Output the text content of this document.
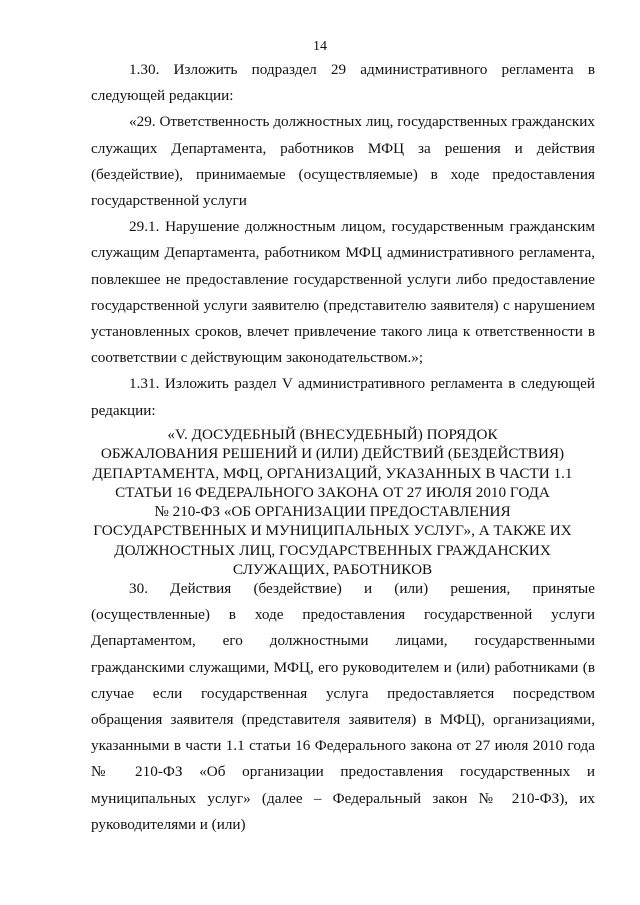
14

1.30. Изложить подраздел 29 административного регламента в следующей редакции:

«29. Ответственность должностных лиц, государственных гражданских служащих Департамента, работников МФЦ за решения и действия (бездействие), принимаемые (осуществляемые) в ходе предоставления государственной услуги

29.1. Нарушение должностным лицом, государственным гражданским служащим Департамента, работником МФЦ административного регламента, повлекшее не предоставление государственной услуги либо предоставление государственной услуги заявителю (представителю заявителя) с нарушением установленных сроков, влечет привлечение такого лица к ответственности в соответствии с действующим законодательством.»;

1.31. Изложить раздел V административного регламента в следующей редакции:

«V. ДОСУДЕБНЫЙ (ВНЕСУДЕБНЫЙ) ПОРЯДОК
ОБЖАЛОВАНИЯ РЕШЕНИЙ И (ИЛИ) ДЕЙСТВИЙ (БЕЗДЕЙСТВИЯ)
ДЕПАРТАМЕНТА, МФЦ, ОРГАНИЗАЦИЙ, УКАЗАННЫХ В ЧАСТИ 1.1
СТАТЬИ 16 ФЕДЕРАЛЬНОГО ЗАКОНА ОТ 27 ИЮЛЯ 2010 ГОДА
№ 210-ФЗ «ОБ ОРГАНИЗАЦИИ ПРЕДОСТАВЛЕНИЯ
ГОСУДАРСТВЕННЫХ И МУНИЦИПАЛЬНЫХ УСЛУГ», А ТАКЖЕ ИХ
ДОЛЖНОСТНЫХ ЛИЦ, ГОСУДАРСТВЕННЫХ ГРАЖДАНСКИХ
СЛУЖАЩИХ, РАБОТНИКОВ

30. Действия (бездействие) и (или) решения, принятые (осуществленные) в ходе предоставления государственной услуги Департаментом, его должностными лицами, государственными гражданскими служащими, МФЦ, его руководителем и (или) работниками (в случае если государственная услуга предоставляется посредством обращения заявителя (представителя заявителя) в МФЦ), организациями, указанными в части 1.1 статьи 16 Федерального закона от 27 июля 2010 года № 210-ФЗ «Об организации предоставления государственных и муниципальных услуг» (далее – Федеральный закон № 210-ФЗ), их руководителями и (или)
